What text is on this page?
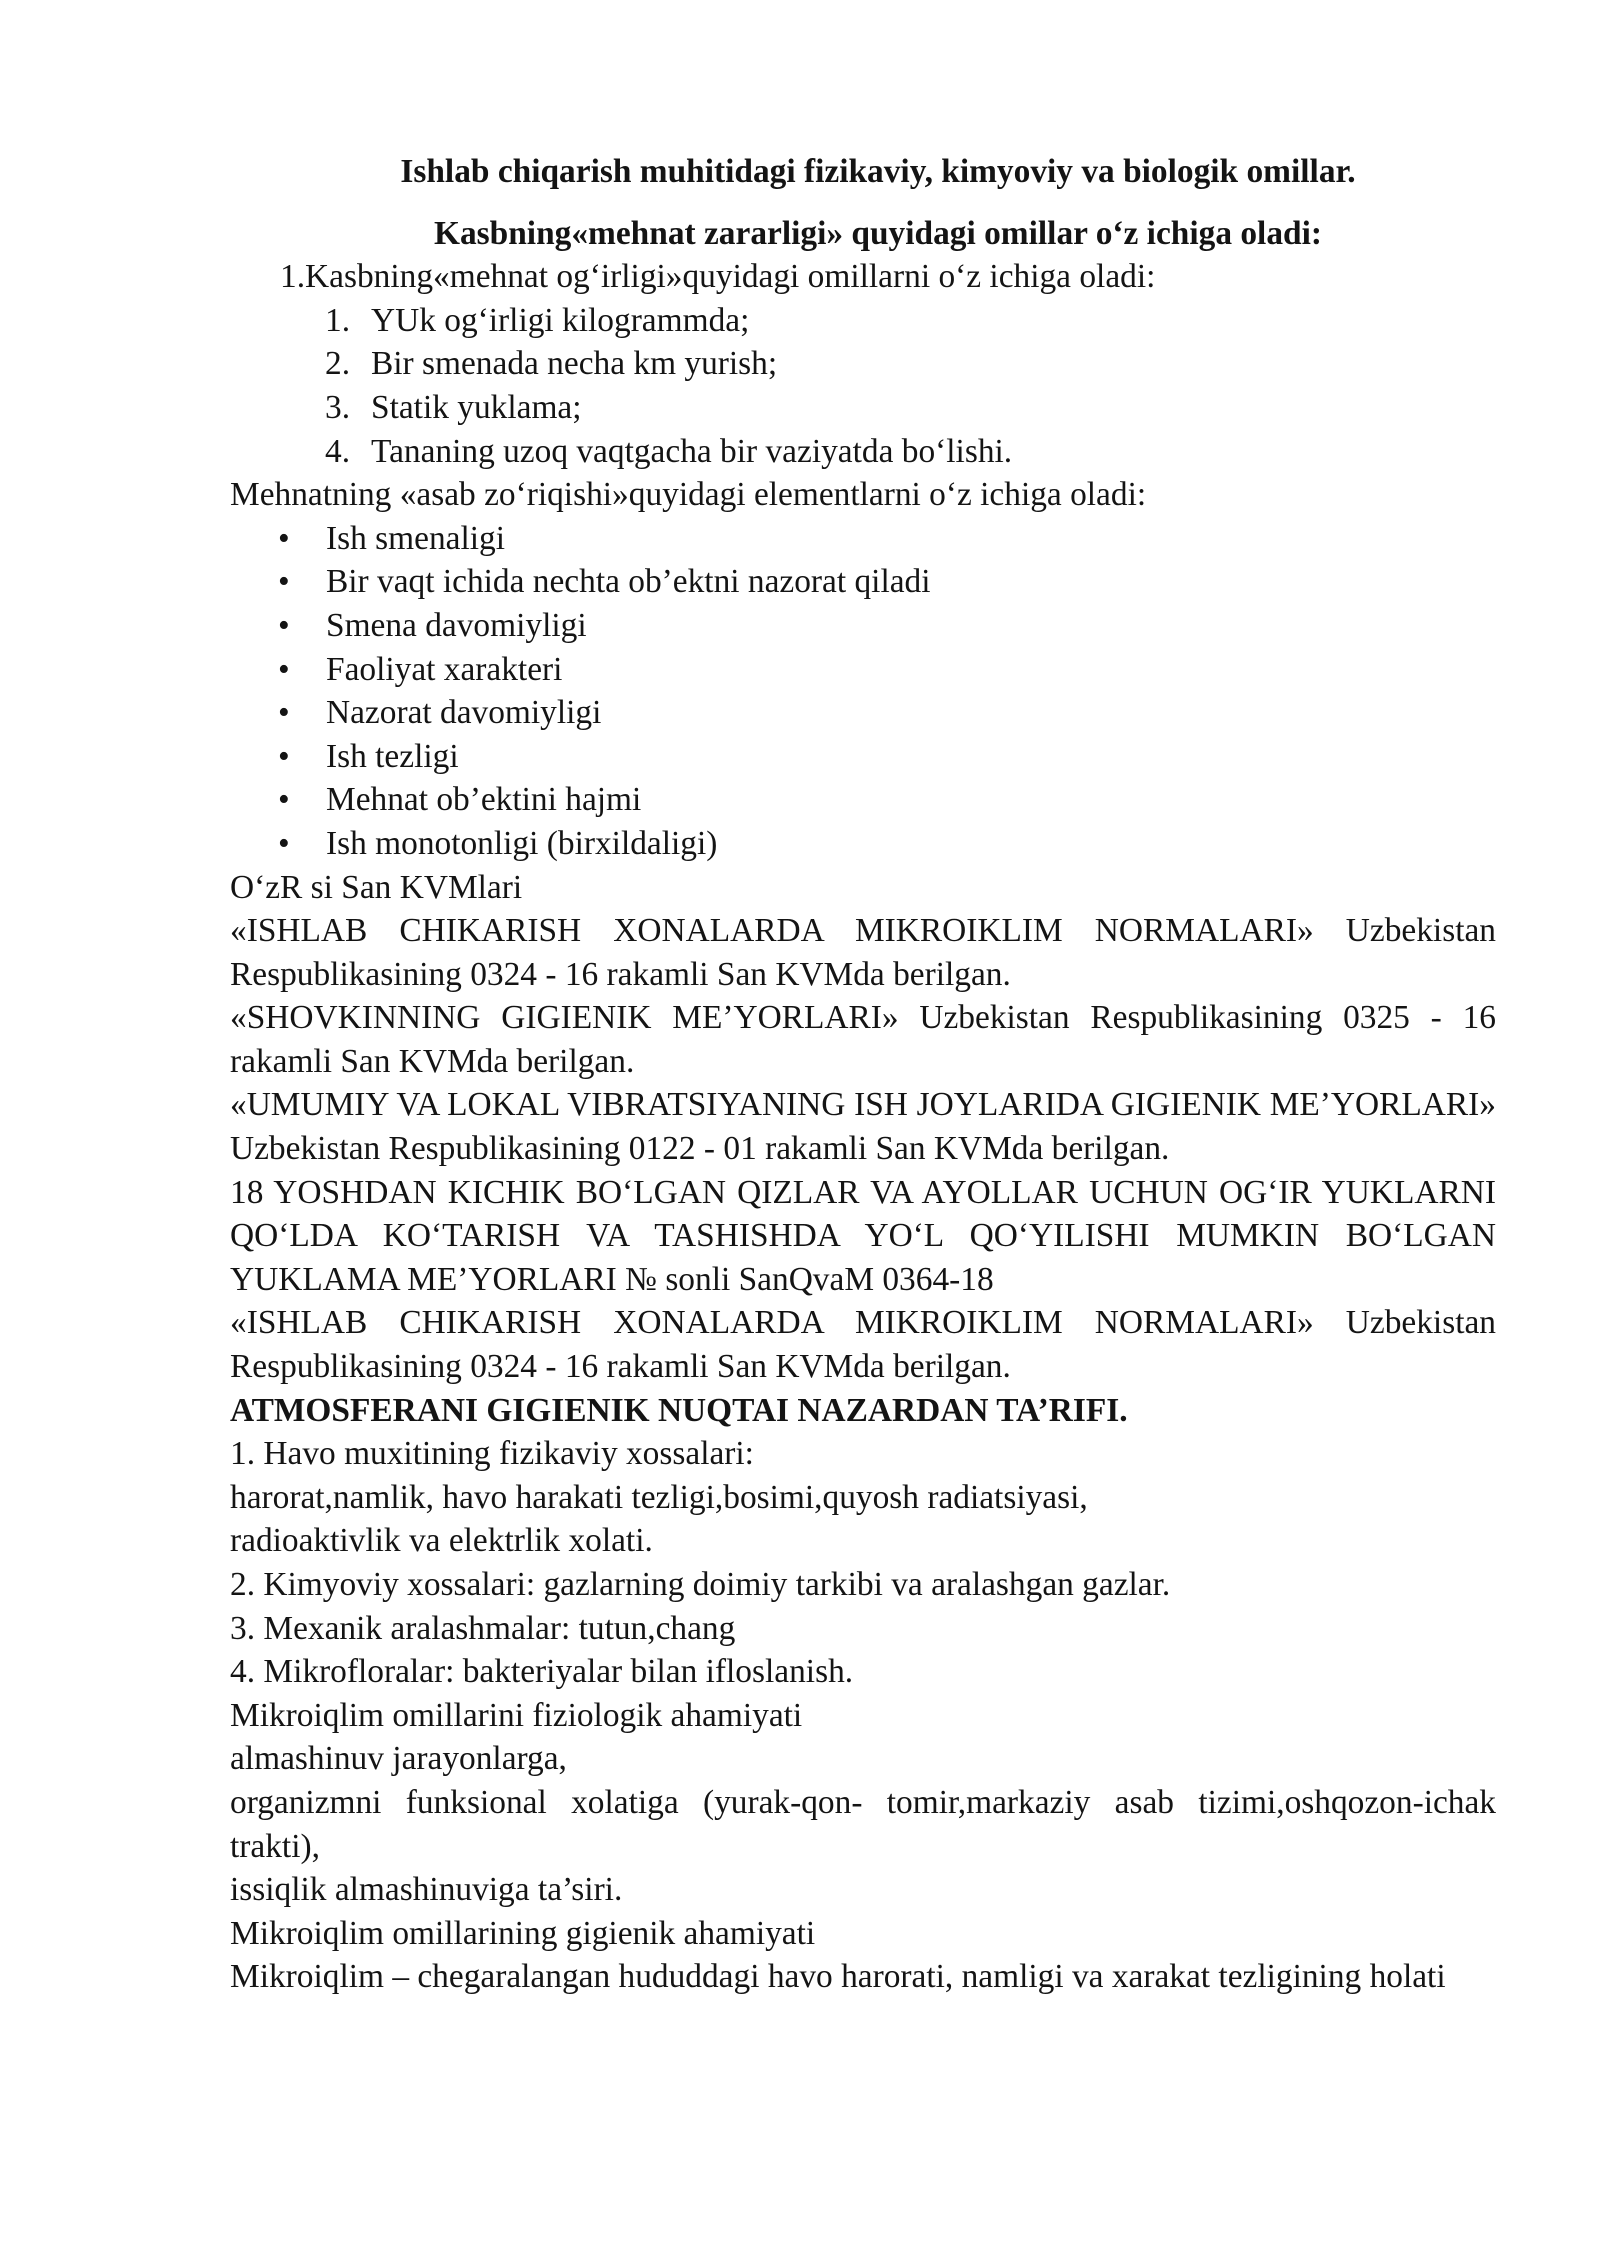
Ishlab chiqarish muhitidagi fizikaviy, kimyoviy va biologik omillar.

Kasbning«mehnat zararligi» quyidagi omillar o‘z ichiga oladi:

1.Kasbning«mehnat og‘irligi»quyidagi omillarni o‘z ichiga oladi:

1. YUk og‘irligi kilogrammda;
2. Bir smenada necha km yurish;
3. Statik yuklama;
4. Tananing uzoq vaqtgacha bir vaziyatda bo‘lishi.

Mehnatning «asab zo‘riqishi»quyidagi elementlarni o‘z ichiga oladi:

• Ish smenaligi
• Bir vaqt ichida nechta ob’ektni nazorat qiladi
• Smena davomiyligi
• Faoliyat xarakteri
• Nazorat davomiyligi
• Ish tezligi
• Mehnat ob’ektini hajmi
• Ish monotonligi (birxildaligi)

O‘zR si San KVMlari

«ISHLAB CHIKARISH XONALARDA MIKROIKLIM NORMALARI» Uzbekistan Respublikasining 0324 - 16 rakamli San KVMda berilgan.

«SHOVKINNING GIGIENIK ME’YORLARI» Uzbekistan Respublikasining 0325 - 16 rakamli San KVMda berilgan.

«UMUMIY VA LOKAL VIBRATSIYANING ISH JOYLARIDA GIGIENIK ME’YORLARI» Uzbekistan Respublikasining 0122 - 01 rakamli San KVMda berilgan.

18 YOSHDAN KICHIK BO‘LGAN QIZLAR VA AYOLLAR UCHUN OG‘IR YUKLARNI QO‘LDA KO‘TARISH VA TASHISHDA YO‘L QO‘YILISHI MUMKIN BO‘LGAN YUKLAMA ME’YORLARI № sonli SanQvaM 0364-18

«ISHLAB CHIKARISH XONALARDA MIKROIKLIM NORMALARI» Uzbekistan Respublikasining 0324 - 16 rakamli San KVMda berilgan.

ATMOSFERANI GIGIENIK NUQTAI NAZARDAN TA’RIFI.

1. Havo muxitining fizikaviy xossalari:

harorat,namlik, havo harakati tezligi,bosimi,quyosh radiatsiyasi,

radioaktivlik va elektrlik xolati.

2. Kimyoviy xossalari: gazlarning doimiy tarkibi va aralashgan gazlar.

3. Mexanik aralashmalar: tutun,chang

4. Mikrofloralar: bakteriyalar bilan ifloslanish.

Mikroiqlim omillarini fiziologik ahamiyati

almashinuv jarayonlarga,

organizmni funksional xolatiga (yurak-qon- tomir,markaziy asab tizimi,oshqozon-ichak trakti),

issiqlik almashinuviga ta’siri.

Mikroiqlim omillarining gigienik ahamiyati

Mikroiqlim – chegaralangan hududdagi havo harorati, namligi va xarakat tezligining holati
